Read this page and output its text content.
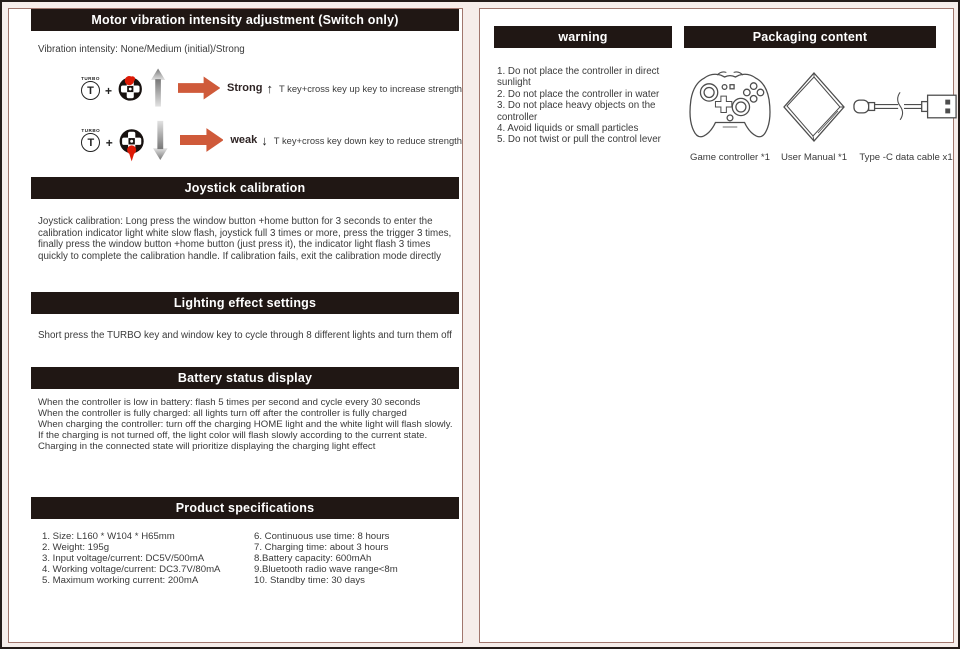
Motor vibration intensity adjustment (Switch only)
Vibration intensity: None/Medium (initial)/Strong
TURBO
T +	Strong ↑ T key+cross key up key to increase strength
TURBO
T +	weak ↓ T key+cross key down key to reduce strength
Joystick calibration
Joystick calibration: Long press the window button +home button for 3 seconds to enter the calibration indicator light white slow flash, joystick full 3 times or more, press the trigger 3 times, finally press the window button +home button (just press it), the indicator light flash 3 times quickly to complete the calibration handle. If calibration fails, exit the calibration mode directly
Lighting effect settings
Short press the TURBO key and window key to cycle through 8 different lights and turn them off
Battery status display
When the controller is low in battery: flash 5 times per second and cycle every 30 seconds
When the controller is fully charged: all lights turn off after the controller is fully charged
When charging the controller: turn off the charging HOME light and the white light will flash slowly.
If the charging is not turned off, the light color will flash slowly according to the current state.
Charging in the connected state will prioritize displaying the charging light effect
Product specifications
1. Size: L160 * W104 * H65mm
2. Weight: 195g
3. Input voltage/current: DC5V/500mA
4. Working voltage/current: DC3.7V/80mA
5. Maximum working current: 200mA
6. Continuous use time: 8 hours
7. Charging time: about 3 hours
8.Battery capacity: 600mAh
9.Bluetooth radio wave range<8m
10. Standby time: 30 days
warning
1. Do not place the controller in direct sunlight
2. Do not place the controller in water
3. Do not place heavy objects on the controller
4. Avoid liquids or small particles
5. Do not twist or pull the control lever
Packaging content
Game controller *1	User Manual *1	Type -C data cable x1
